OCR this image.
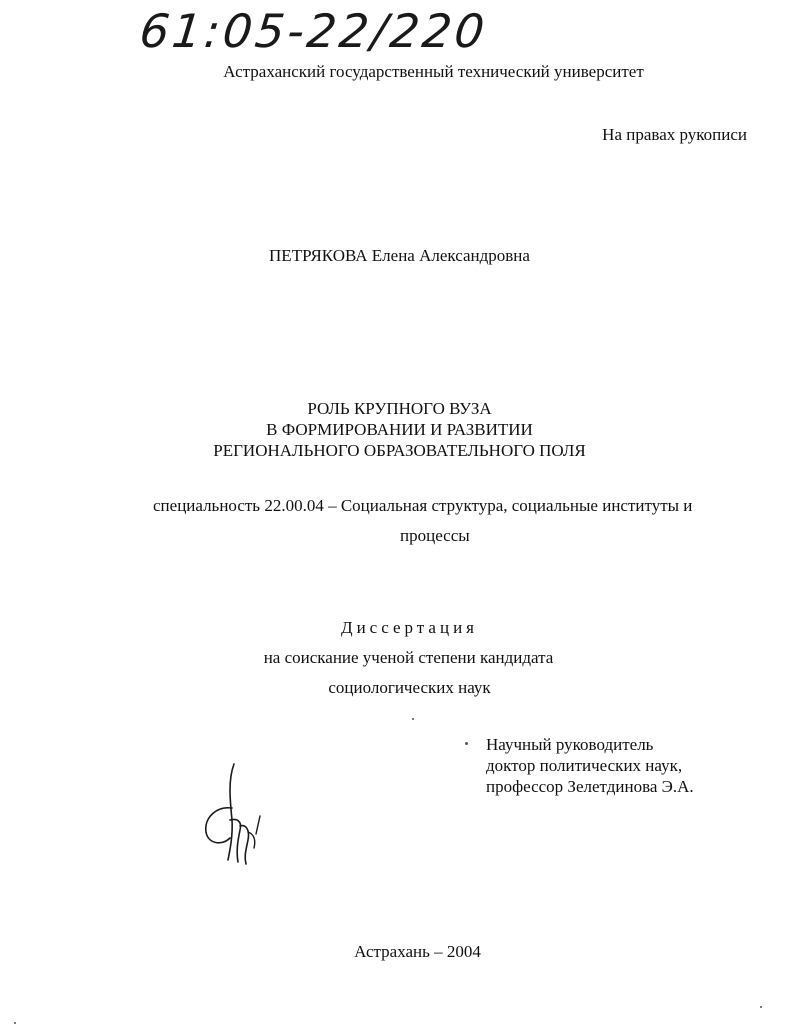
61:05-22/220
Астраханский государственный технический университет
На правах рукописи
ПЕТРЯКОВА Елена Александровна
РОЛЬ КРУПНОГО ВУЗА
В ФОРМИРОВАНИИ И РАЗВИТИИ
РЕГИОНАЛЬНОГО ОБРАЗОВАТЕЛЬНОГО ПОЛЯ
специальность 22.00.04 – Социальная структура, социальные институты и
процессы
Диссертация
на соискание ученой степени кандидата
социологических наук
Научный руководитель
доктор политических наук,
профессор Зелетдинова Э.А.
Астрахань – 2004
